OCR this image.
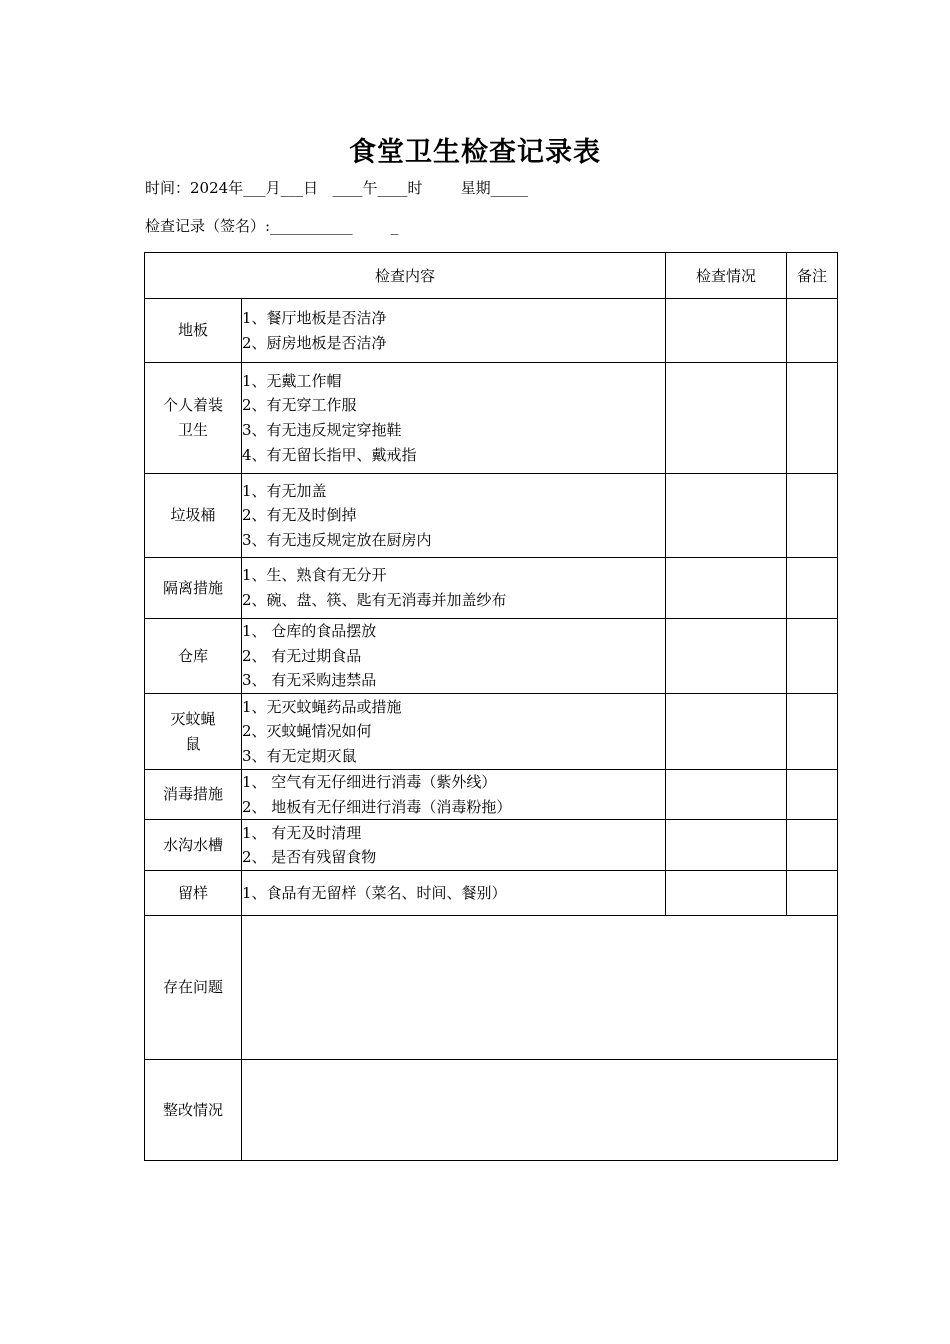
食堂卫生检查记录表
时间：2024年___月___日   ____午____时        星期_____
检查记录（签名）:___________        _
检查内容		检查情况	备注
地板	1、餐厅地板是否洁净
2、厨房地板是否洁净		

个人着装
卫生	1、无戴工作帽
2、有无穿工作服
3、有无违反规定穿拖鞋
4、有无留长指甲、戴戒指		

垃圾桶	1、有无加盖
2、有无及时倒掉
3、有无违反规定放在厨房内		

隔离措施	1、生、熟食有无分开
2、碗、盘、筷、匙有无消毒并加盖纱布		

仓库	1、 仓库的食品摆放
2、 有无过期食品
3、 有无采购违禁品		

灭蚊蝇
鼠	1、无灭蚊蝇药品或措施
2、灭蚊蝇情况如何
3、有无定期灭鼠		

消毒措施	1、 空气有无仔细进行消毒（紫外线）
2、 地板有无仔细进行消毒（消毒粉拖）		

水沟水槽	1、 有无及时清理
2、 是否有残留食物		

留样	1、食品有无留样（菜名、时间、餐别）		

存在问题			
整改情况			
